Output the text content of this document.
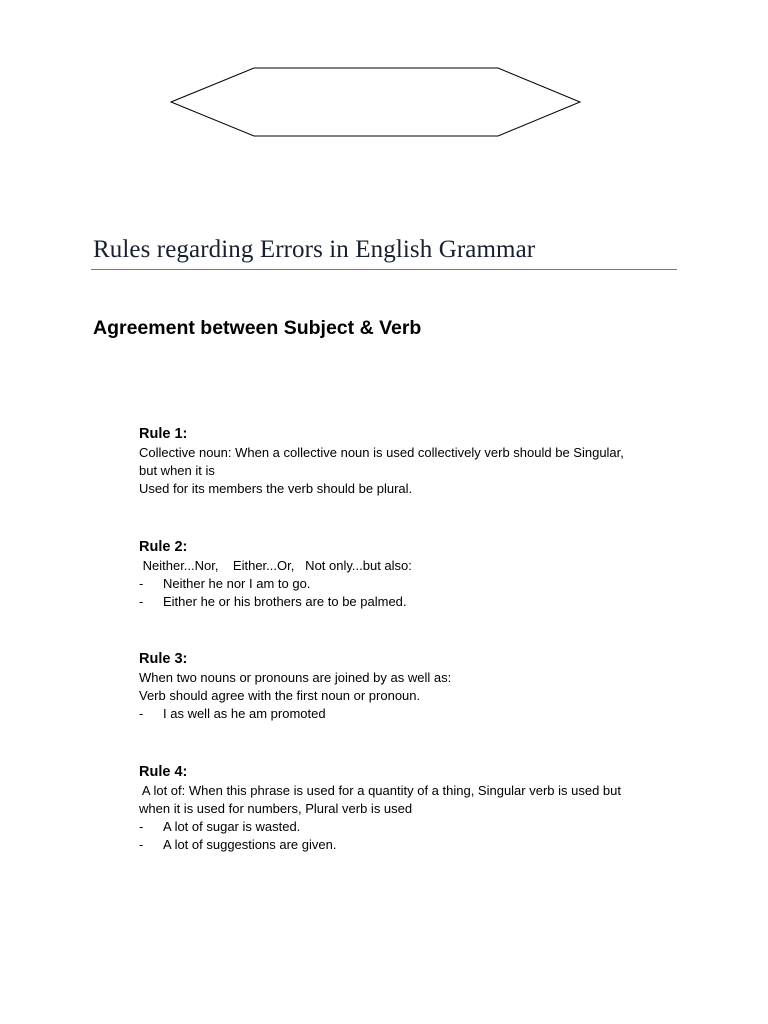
Rules regarding Errors in English Grammar
Agreement between Subject & Verb
Rule 1:
Collective noun: When a collective noun is used collectively verb should be Singular,
but when it is
Used for its members the verb should be plural.
Rule 2:
Neither...Nor,    Either...Or,   Not only...but also:
- Neither he nor I am to go.
- Either he or his brothers are to be palmed.
Rule 3:
When two nouns or pronouns are joined by as well as:
Verb should agree with the first noun or pronoun.
- I as well as he am promoted
Rule 4:
A lot of: When this phrase is used for a quantity of a thing, Singular verb is used but
when it is used for numbers, Plural verb is used
- A lot of sugar is wasted.
- A lot of suggestions are given.
